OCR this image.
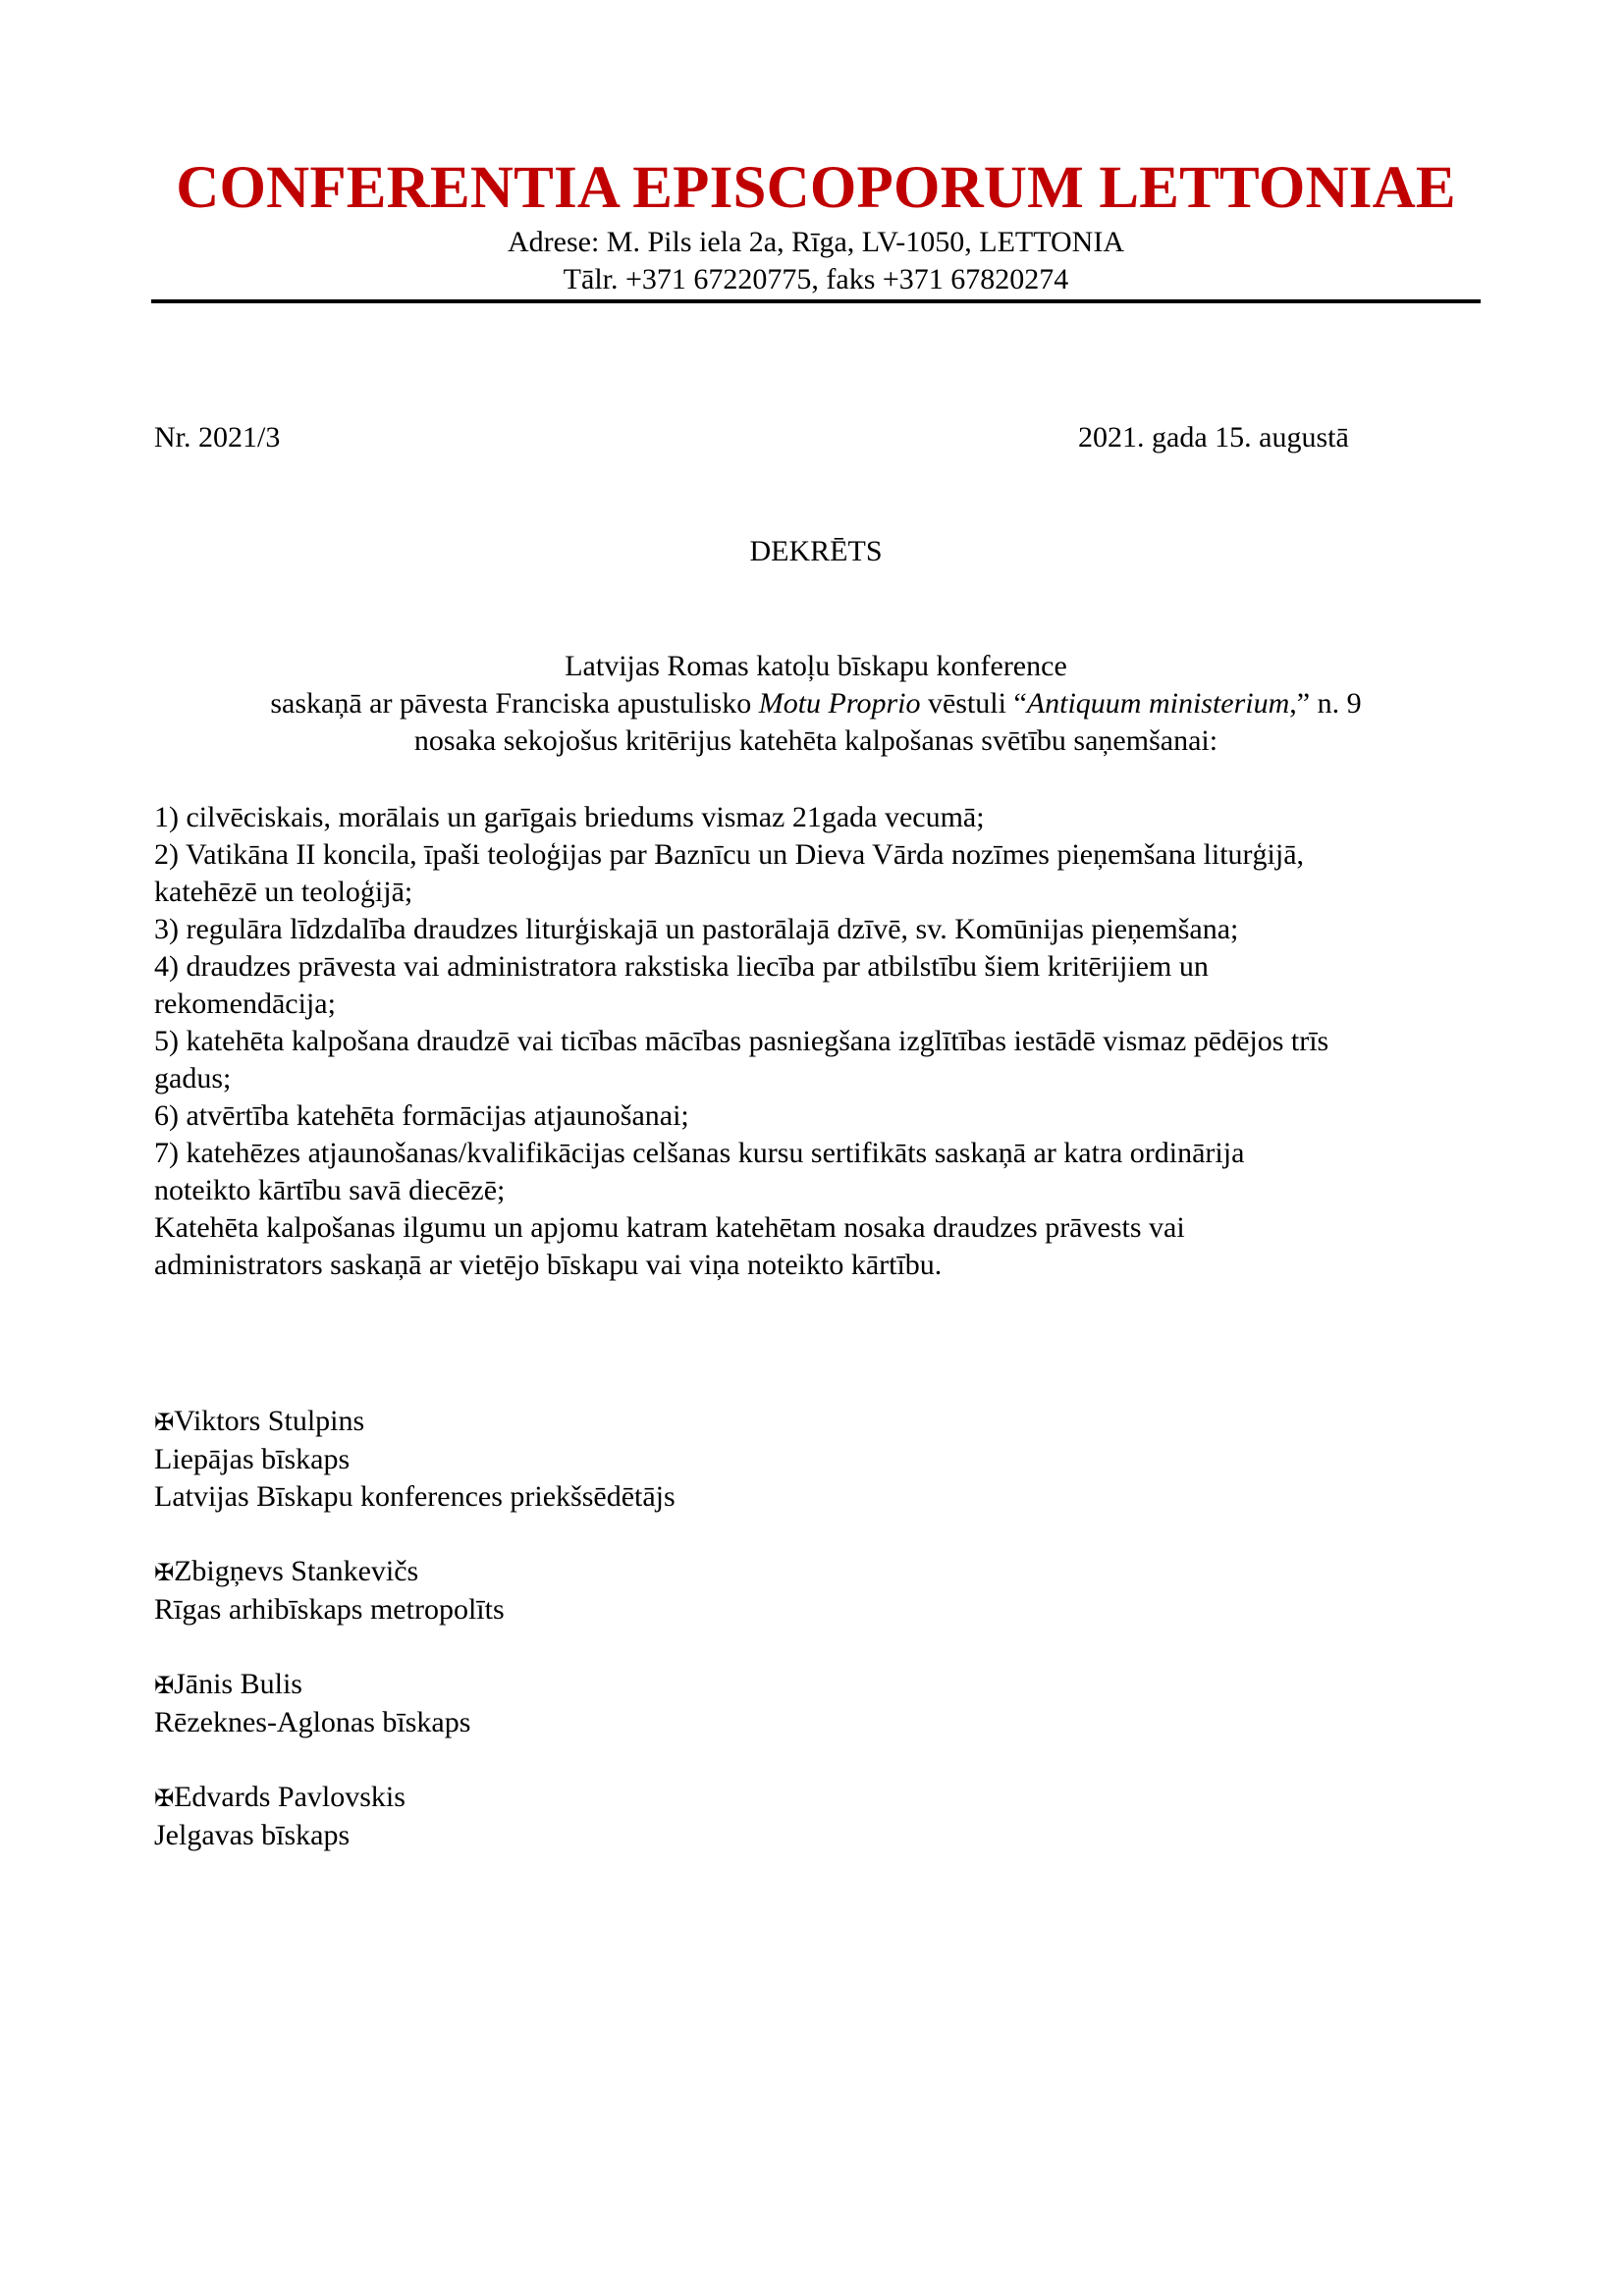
CONFERENTIA EPISCOPORUM LETTONIAE
Adrese: M. Pils iela 2a, Rīga, LV-1050, LETTONIA
Tālr. +371 67220775, faks +371 67820274
Nr. 2021/3	2021. gada 15. augustā
DEKRĒTS
Latvijas Romas katoļu bīskapu konference
saskaņā ar pāvesta Franciska apustulisko Motu Proprio vēstuli “Antiquum ministerium,” n. 9
nosaka sekojošus kritērijus katehēta kalpošanas svētību saņemšanai:
1) cilvēciskais, morālais un garīgais briedums vismaz 21gada vecumā;
2) Vatikāna II koncila, īpaši teoloģijas par Baznīcu un Dieva Vārda nozīmes pieņemšana liturģijā,
katehēzē un teoloģijā;
3) regulāra līdzdalība draudzes liturģiskajā un pastorālajā dzīvē, sv. Komūnijas pieņemšana;
4) draudzes prāvesta vai administratora rakstiska liecība par atbilstību šiem kritērijiem un
rekomendācija;
5) katehēta kalpošana draudzē vai ticības mācības pasniegšana izglītības iestādē vismaz pēdējos trīs
gadus;
6) atvērtība katehēta formācijas atjaunošanai;
7) katehēzes atjaunošanas/kvalifikācijas celšanas kursu sertifikāts saskaņā ar katra ordinārija
noteikto kārtību savā diecēzē;
Katehēta kalpošanas ilgumu un apjomu katram katehētam nosaka draudzes prāvests vai
administrators saskaņā ar vietējo bīskapu vai viņa noteikto kārtību.
✠Viktors Stulpins
Liepājas bīskaps
Latvijas Bīskapu konferences priekšsēdētājs
✠Zbigņevs Stankevičs
Rīgas arhibīskaps metropolīts
✠Jānis Bulis
Rēzeknes-Aglonas bīskaps
✠Edvards Pavlovskis
Jelgavas bīskaps
